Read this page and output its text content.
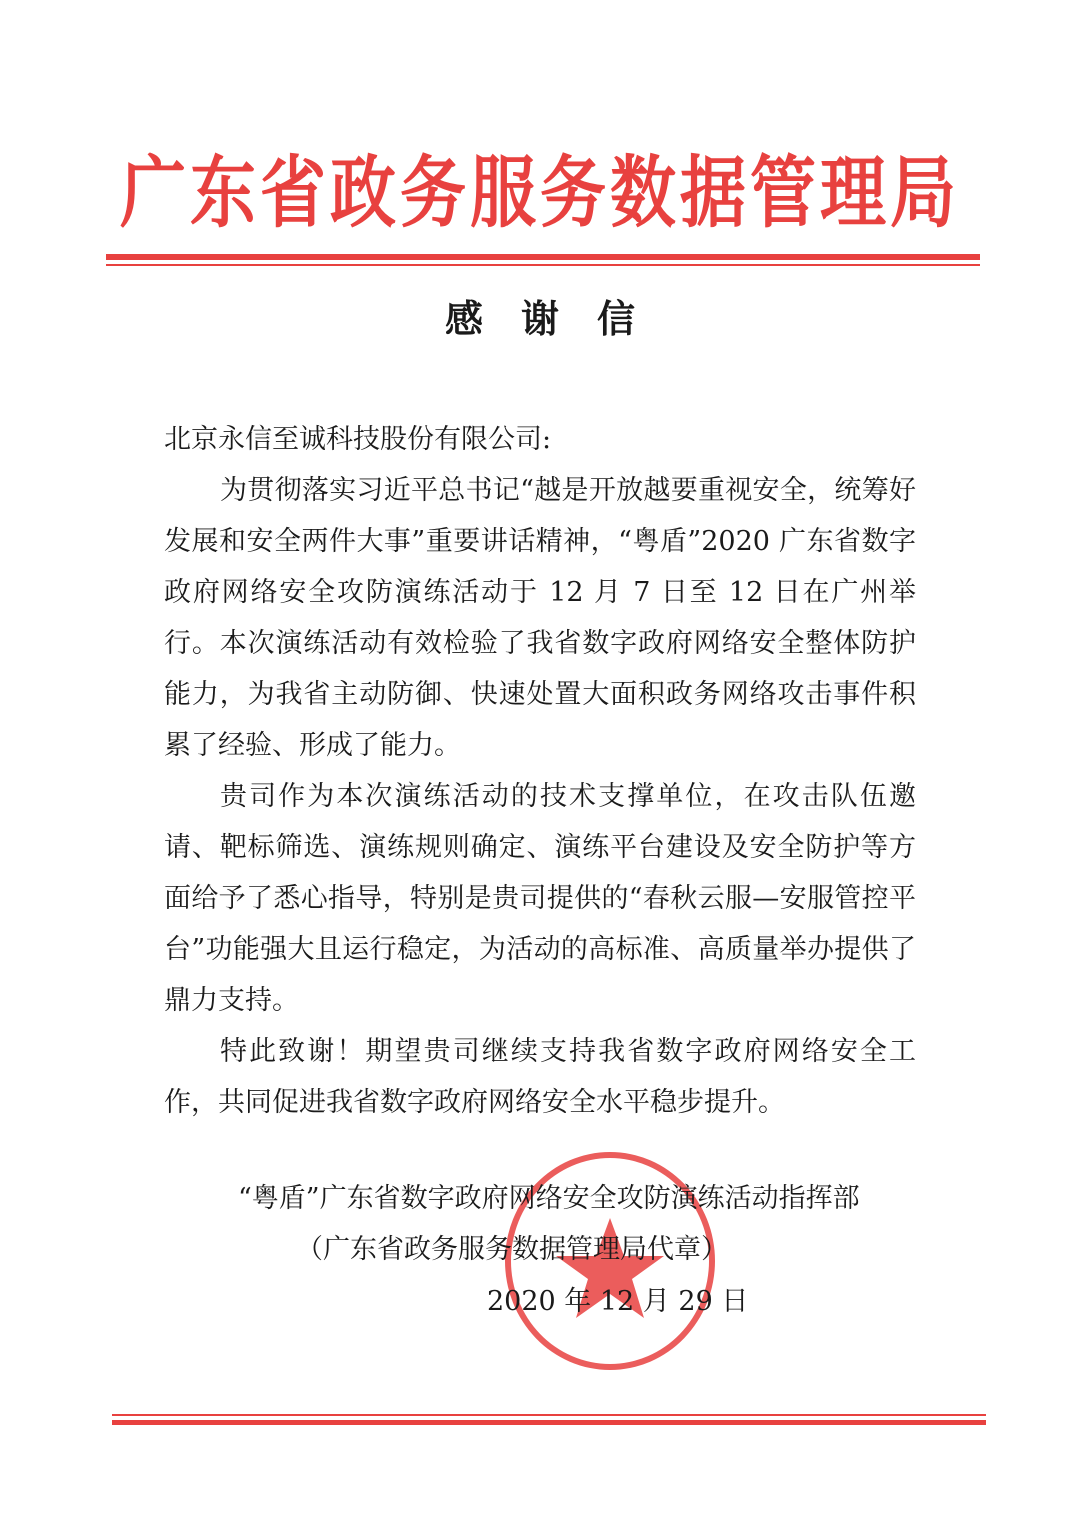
广东省政务服务数据管理局
感谢信

北京永信至诚科技股份有限公司:

为贯彻落实习近平总书记“越是开放越要重视安全，统筹好发展和安全两件大事”重要讲话精神，“粤盾”2020 广东省数字政府网络安全攻防演练活动于 12 月 7 日至 12 日在广州举行。本次演练活动有效检验了我省数字政府网络安全整体防护能力，为我省主动防御、快速处置大面积政务网络攻击事件积累了经验、形成了能力。

贵司作为本次演练活动的技术支撑单位，在攻击队伍邀请、靶标筛选、演练规则确定、演练平台建设及安全防护等方面给予了悉心指导，特别是贵司提供的“春秋云服—安服管控平台”功能强大且运行稳定，为活动的高标准、高质量举办提供了鼎力支持。

特此致谢！期望贵司继续支持我省数字政府网络安全工作，共同促进我省数字政府网络安全水平稳步提升。

“粤盾”广东省数字政府网络安全攻防演练活动指挥部
（广东省政务服务数据管理局代章）
2020 年 12 月 29 日
